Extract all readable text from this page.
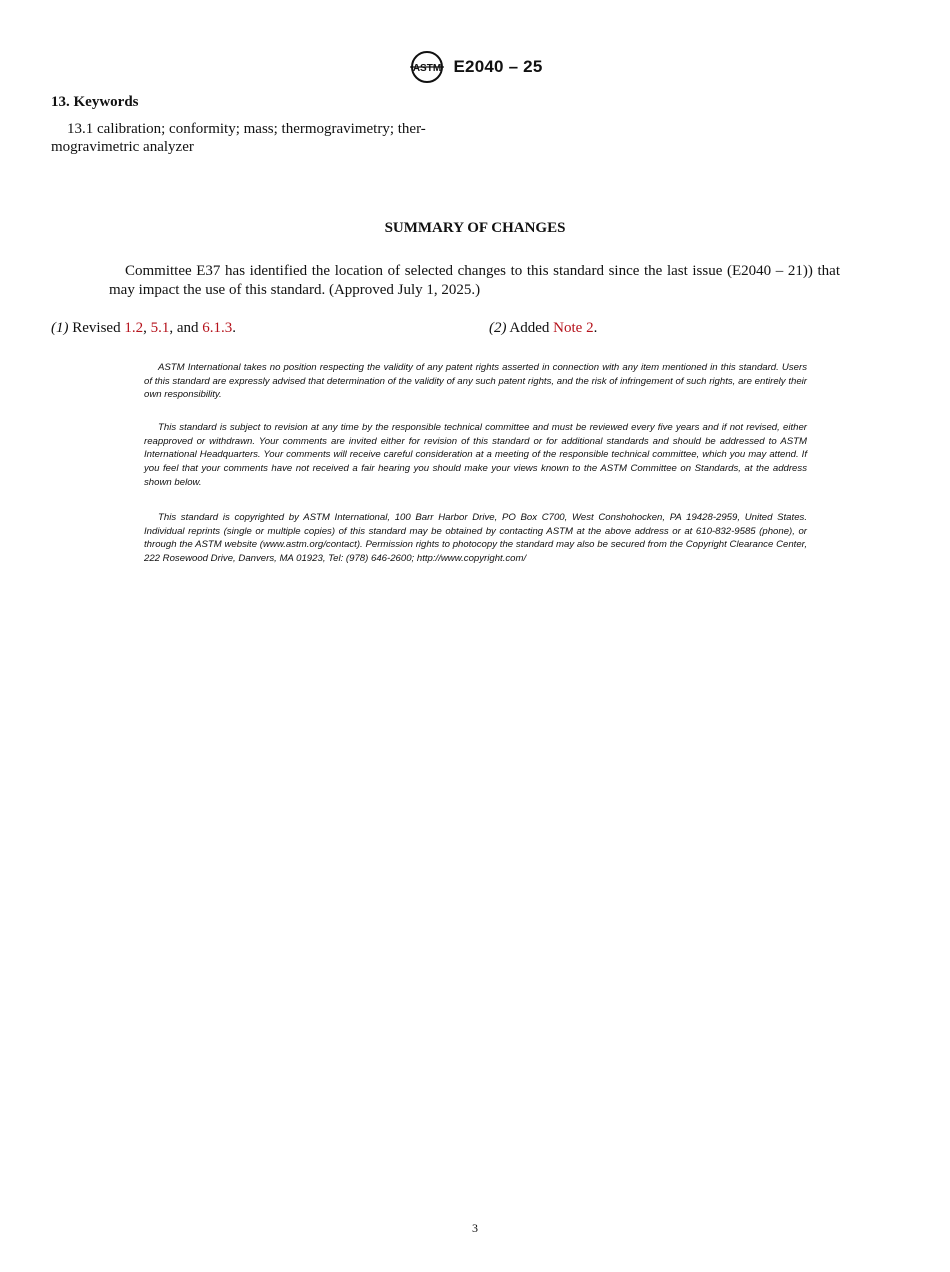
ASTM E2040 – 25
13. Keywords
13.1 calibration; conformity; mass; thermogravimetry; ther-
mogravimetric analyzer
SUMMARY OF CHANGES

Committee E37 has identified the location of selected changes to this standard since the last issue (E2040 – 21)) that may impact the use of this standard. (Approved July 1, 2025.)

(1) Revised 1.2, 5.1, and 6.1.3.	(2) Added Note 2.

ASTM International takes no position respecting the validity of any patent rights asserted in connection with any item mentioned in this standard. Users of this standard are expressly advised that determination of the validity of any such patent rights, and the risk of infringement of such rights, are entirely their own responsibility.

This standard is subject to revision at any time by the responsible technical committee and must be reviewed every five years and if not revised, either reapproved or withdrawn. Your comments are invited either for revision of this standard or for additional standards and should be addressed to ASTM International Headquarters. Your comments will receive careful consideration at a meeting of the responsible technical committee, which you may attend. If you feel that your comments have not received a fair hearing you should make your views known to the ASTM Committee on Standards, at the address shown below.

This standard is copyrighted by ASTM International, 100 Barr Harbor Drive, PO Box C700, West Conshohocken, PA 19428-2959, United States. Individual reprints (single or multiple copies) of this standard may be obtained by contacting ASTM at the above address or at 610-832-9585 (phone), or through the ASTM website (www.astm.org/contact). Permission rights to photocopy the standard may also be secured from the Copyright Clearance Center, 222 Rosewood Drive, Danvers, MA 01923, Tel: (978) 646-2600; http://www.copyright.com/

3
